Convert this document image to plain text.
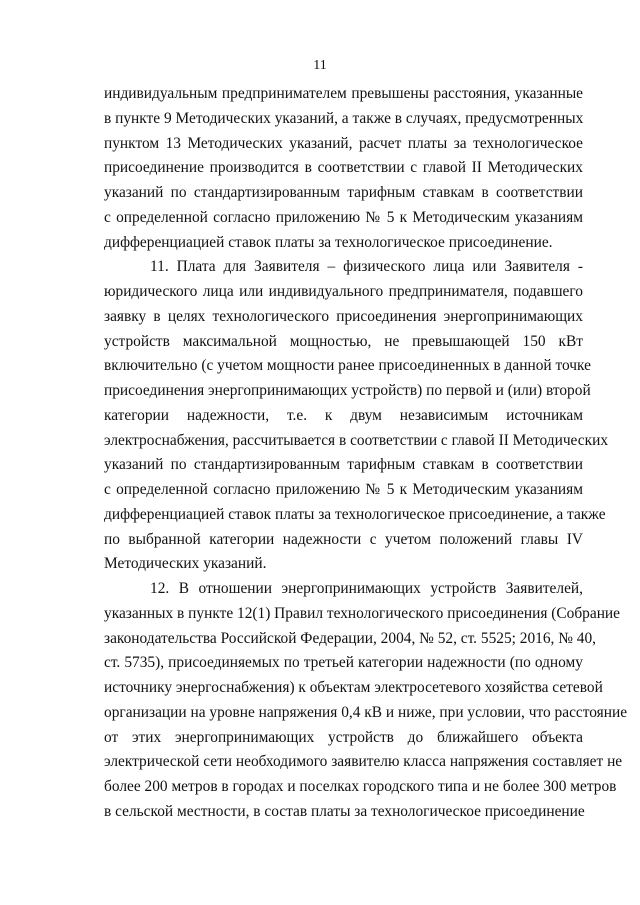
11
индивидуальным предпринимателем превышены расстояния, указанные
в пункте 9 Методических указаний, а также в случаях, предусмотренных
пунктом 13 Методических указаний, расчет платы за технологическое
присоединение производится в соответствии с главой II Методических
указаний по стандартизированным тарифным ставкам в соответствии
с определенной согласно приложению № 5 к Методическим указаниям
дифференциацией ставок платы за технологическое присоединение.
11. Плата для Заявителя – физического лица или Заявителя -
юридического лица или индивидуального предпринимателя, подавшего
заявку в целях технологического присоединения энергопринимающих
устройств максимальной мощностью, не превышающей 150 кВт
включительно (с учетом мощности ранее присоединенных в данной точке
присоединения энергопринимающих устройств) по первой и (или) второй
категории надежности, т.е. к двум независимым источникам
электроснабжения, рассчитывается в соответствии с главой II Методических
указаний по стандартизированным тарифным ставкам в соответствии
с определенной согласно приложению № 5 к Методическим указаниям
дифференциацией ставок платы за технологическое присоединение, а также
по выбранной категории надежности с учетом положений главы IV
Методических указаний.
12. В отношении энергопринимающих устройств Заявителей,
указанных в пункте 12(1) Правил технологического присоединения (Собрание
законодательства Российской Федерации, 2004, № 52, ст. 5525; 2016, № 40,
ст. 5735), присоединяемых по третьей категории надежности (по одному
источнику энергоснабжения) к объектам электросетевого хозяйства сетевой
организации на уровне напряжения 0,4 кВ и ниже, при условии, что расстояние
от этих энергопринимающих устройств до ближайшего объекта
электрической сети необходимого заявителю класса напряжения составляет не
более 200 метров в городах и поселках городского типа и не более 300 метров
в сельской местности, в состав платы за технологическое присоединение
